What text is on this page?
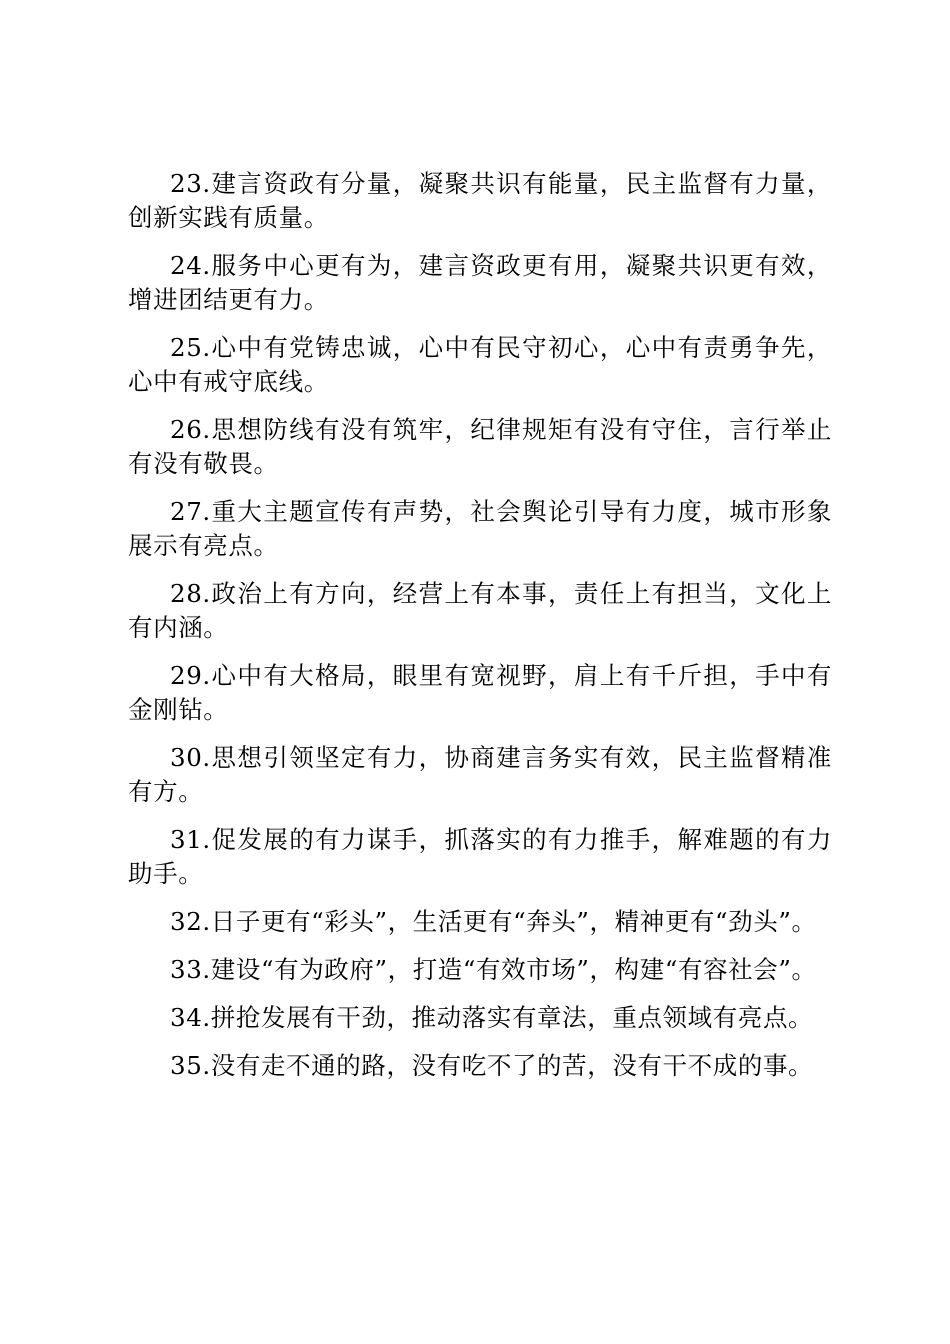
23.建言资政有分量，凝聚共识有能量，民主监督有力量，创新实践有质量。

24.服务中心更有为，建言资政更有用，凝聚共识更有效，增进团结更有力。

25.心中有党铸忠诚，心中有民守初心，心中有责勇争先，心中有戒守底线。

26.思想防线有没有筑牢，纪律规矩有没有守住，言行举止有没有敬畏。

27.重大主题宣传有声势，社会舆论引导有力度，城市形象展示有亮点。

28.政治上有方向，经营上有本事，责任上有担当，文化上有内涵。

29.心中有大格局，眼里有宽视野，肩上有千斤担，手中有金刚钻。

30.思想引领坚定有力，协商建言务实有效，民主监督精准有方。

31.促发展的有力谋手，抓落实的有力推手，解难题的有力助手。

32.日子更有“彩头”，生活更有“奔头”，精神更有“劲头”。

33.建设“有为政府”，打造“有效市场”，构建“有容社会”。

34.拼抢发展有干劲，推动落实有章法，重点领域有亮点。

35.没有走不通的路，没有吃不了的苦，没有干不成的事。
